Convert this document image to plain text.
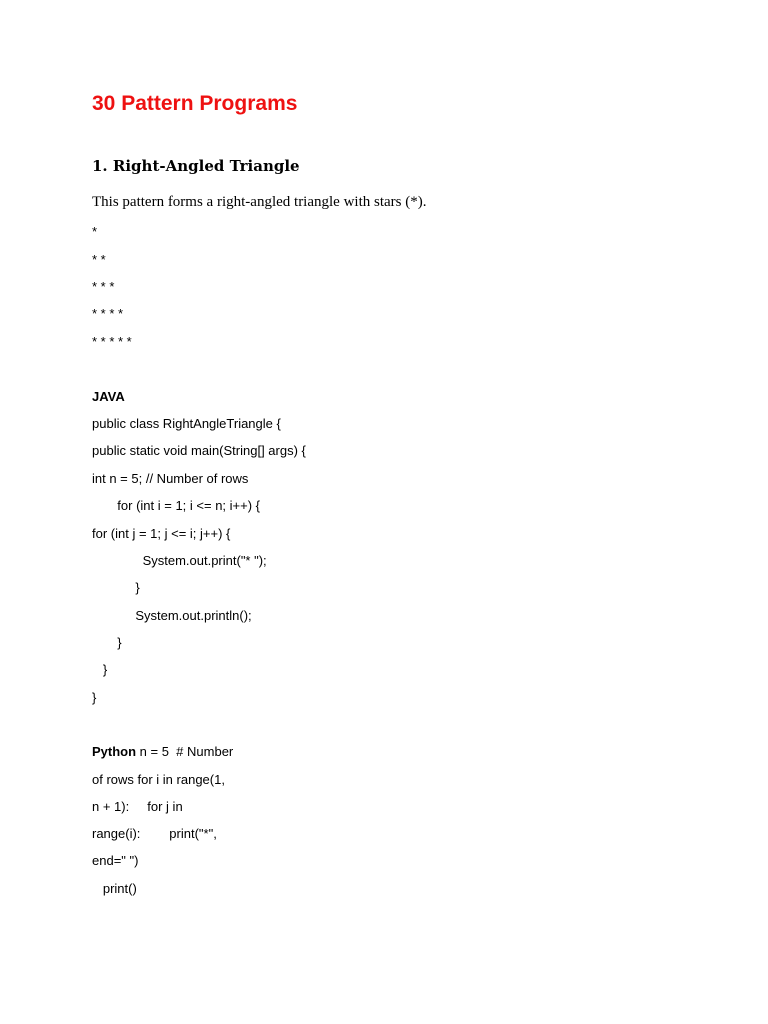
30 Pattern Programs
1. Right-Angled Triangle
This pattern forms a right-angled triangle with stars (*).
*
* *
* * *
* * * *
* * * * *
JAVA
public class RightAngleTriangle {
public static void main(String[] args) {
int n = 5; // Number of rows
for (int i = 1; i <= n; i++) {
for (int j = 1; j <= i; j++) {
System.out.print("* ");
}
System.out.println();
}
}
}
Python n = 5  # Number
of rows for i in range(1,
n + 1):     for j in
range(i):        print("*",
end=" ")
print()
